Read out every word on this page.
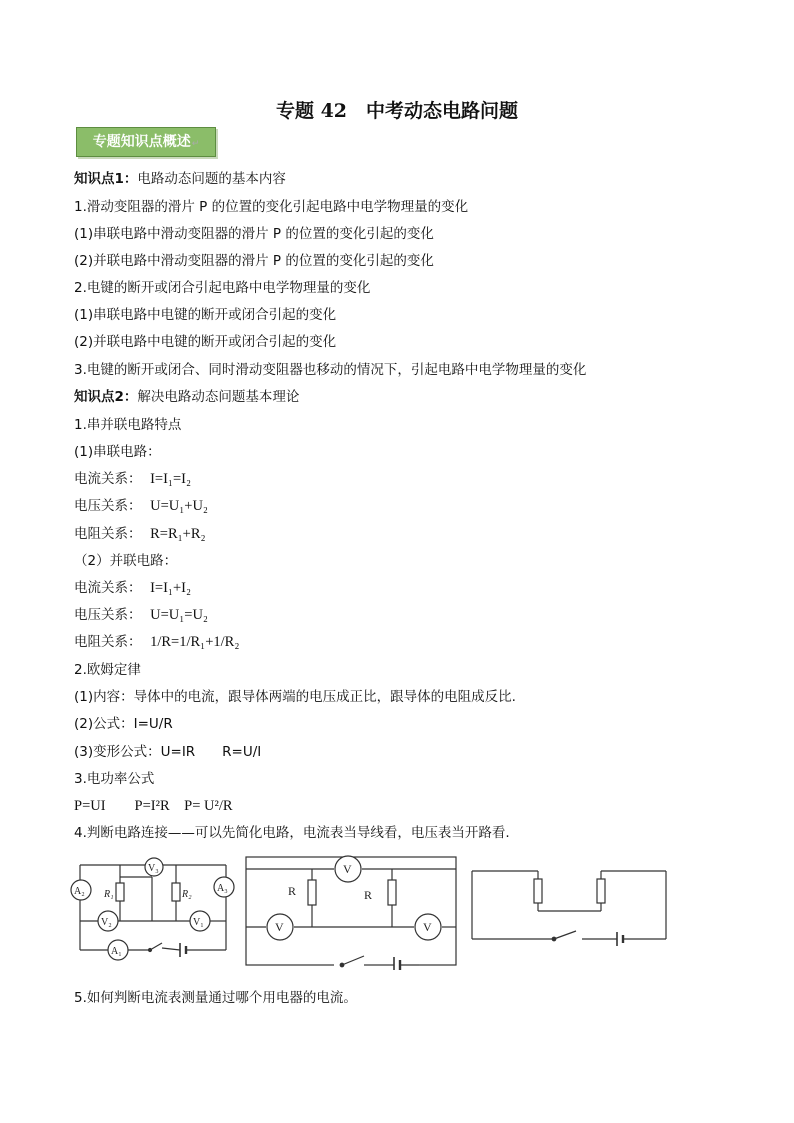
专题 42　中考动态电路问题
专题知识点概述↵
知识点1：电路动态问题的基本内容
1.滑动变阻器的滑片 P 的位置的变化引起电路中电学物理量的变化
(1)串联电路中滑动变阻器的滑片 P 的位置的变化引起的变化
(2)并联电路中滑动变阻器的滑片 P 的位置的变化引起的变化
2.电键的断开或闭合引起电路中电学物理量的变化
(1)串联电路中电键的断开或闭合引起的变化
(2)并联电路中电键的断开或闭合引起的变化
3.电键的断开或闭合、同时滑动变阻器也移动的情况下，引起电路中电学物理量的变化
知识点2：解决电路动态问题基本理论
1.串并联电路特点
(1)串联电路：
电流关系： I=I₁=I₂
电压关系： U=U₁+U₂
电阻关系： R=R₁+R₂
（2）并联电路：
电流关系： I=I₁+I₂
电压关系： U=U₁=U₂
电阻关系： 1/R=1/R₁+1/R₂
2.欧姆定律
(1)内容：导体中的电流，跟导体两端的电压成正比，跟导体的电阻成反比.
(2)公式：I=U/R
(3)变形公式：U=IR　　R=U/I
3.电功率公式
P=UI　　P=I²R　P= U²/R
4.判断电路连接——可以先简化电路，电流表当导线看，电压表当开路看.
V₃
A₂	A₃
V₂	V₁
A₁
R₁	R₂
V
V	V
R	R
5.如何判断电流表测量通过哪个用电器的电流。
